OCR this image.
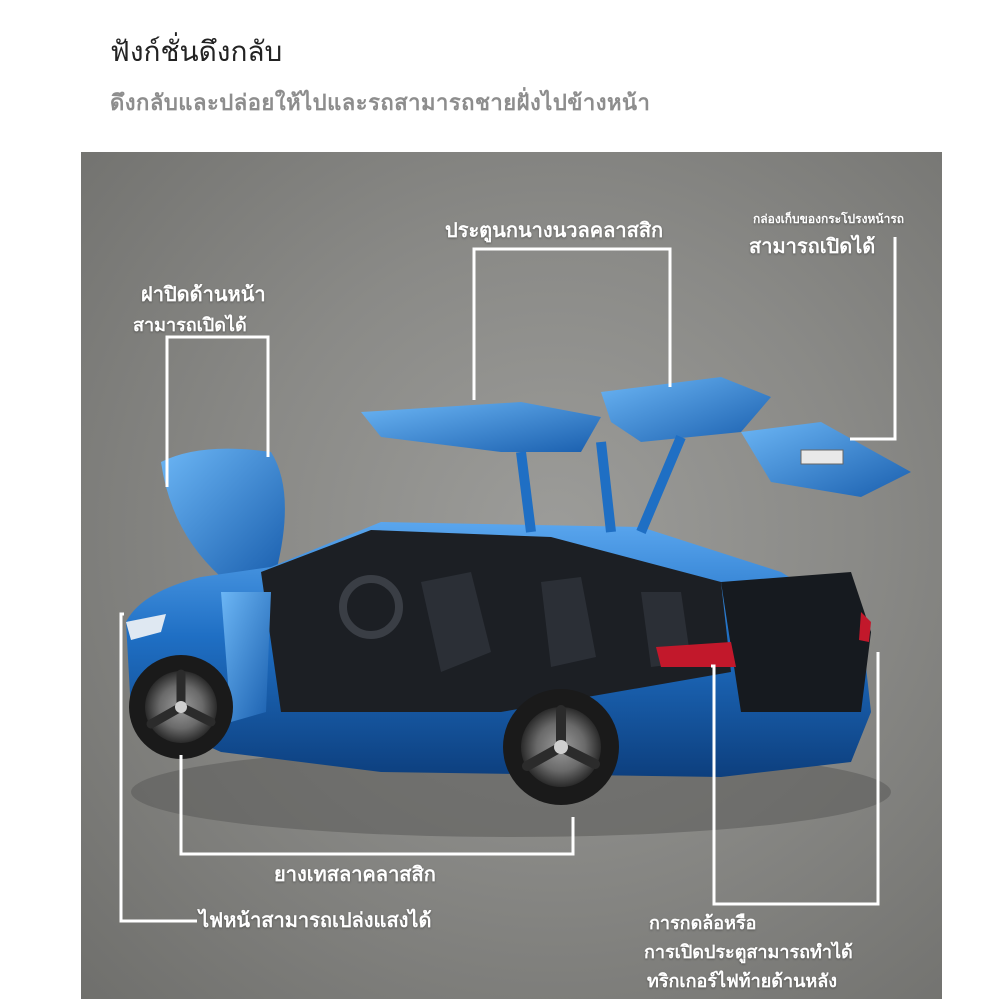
ฟังก์ชั่นดึงกลับ
ดึงกลับและปล่อยให้ไปและรถสามารถชายฝั่งไปข้างหน้า
ประตูนกนางนวลคลาสสิก	กล่องเก็บของกระโปรงหน้ารถ
สามารถเปิดได้
ฝาปิดด้านหน้า
สามารถเปิดได้
ยางเทสลาคลาสสิก
ไฟหน้าสามารถเปล่งแสงได้	การกดล้อหรือ
การเปิดประตูสามารถทำได้
ทริกเกอร์ไฟท้ายด้านหลัง
